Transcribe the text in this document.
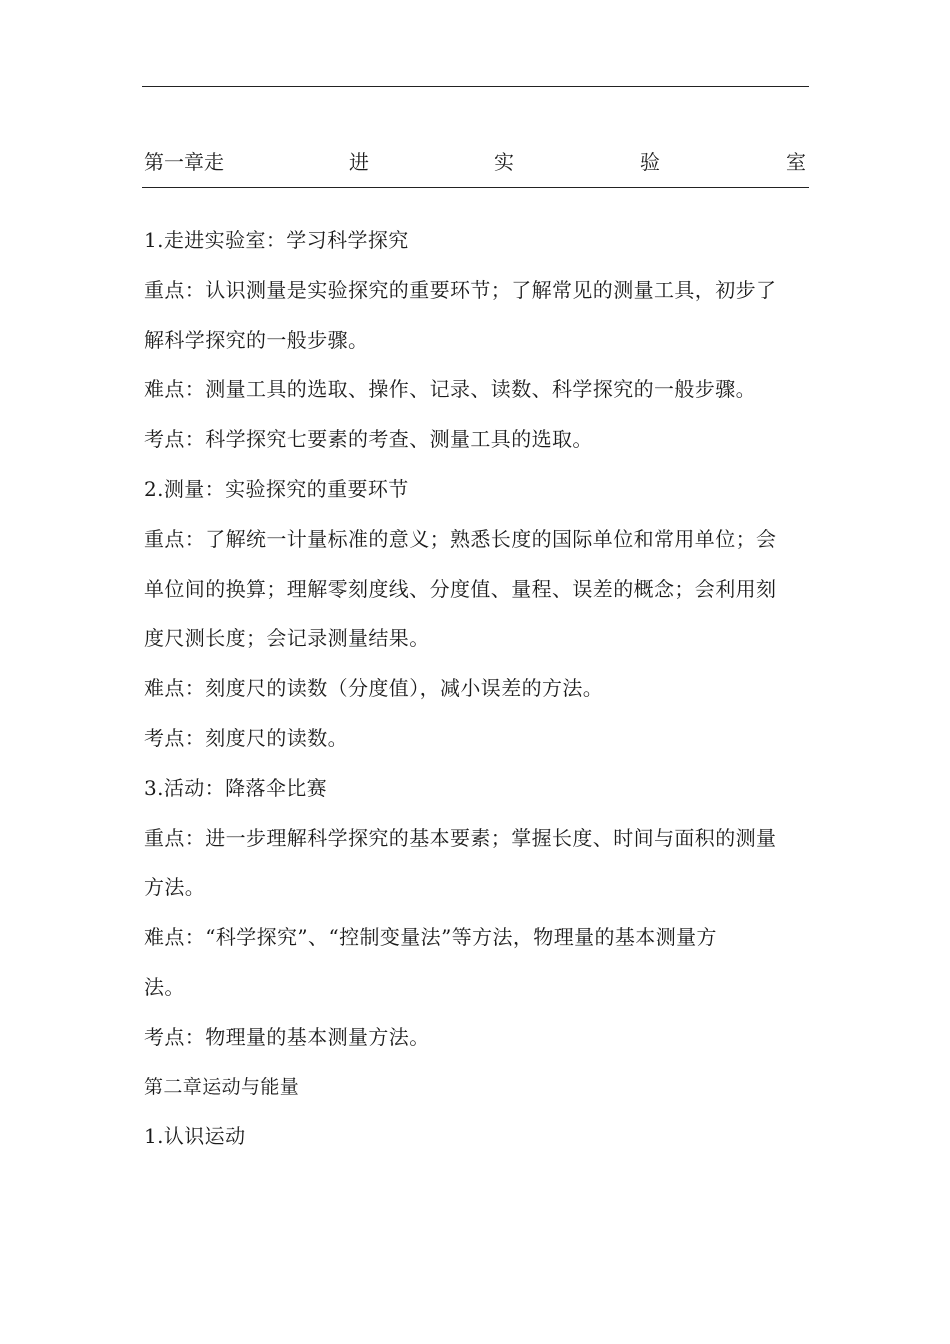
第一章走	进	实	验	室
1.走进实验室：学习科学探究
重点：认识测量是实验探究的重要环节；了解常见的测量工具，初步了
解科学探究的一般步骤。
难点：测量工具的选取、操作、记录、读数、科学探究的一般步骤。
考点：科学探究七要素的考查、测量工具的选取。
2.测量：实验探究的重要环节
重点：了解统一计量标准的意义；熟悉长度的国际单位和常用单位；会
单位间的换算；理解零刻度线、分度值、量程、误差的概念；会利用刻
度尺测长度；会记录测量结果。
难点：刻度尺的读数（分度值），减小误差的方法。
考点：刻度尺的读数。
3.活动：降落伞比赛
重点：进一步理解科学探究的基本要素；掌握长度、时间与面积的测量
方法。
难点：“科学探究”、“控制变量法”等方法，物理量的基本测量方
法。
考点：物理量的基本测量方法。
第二章运动与能量
1.认识运动
